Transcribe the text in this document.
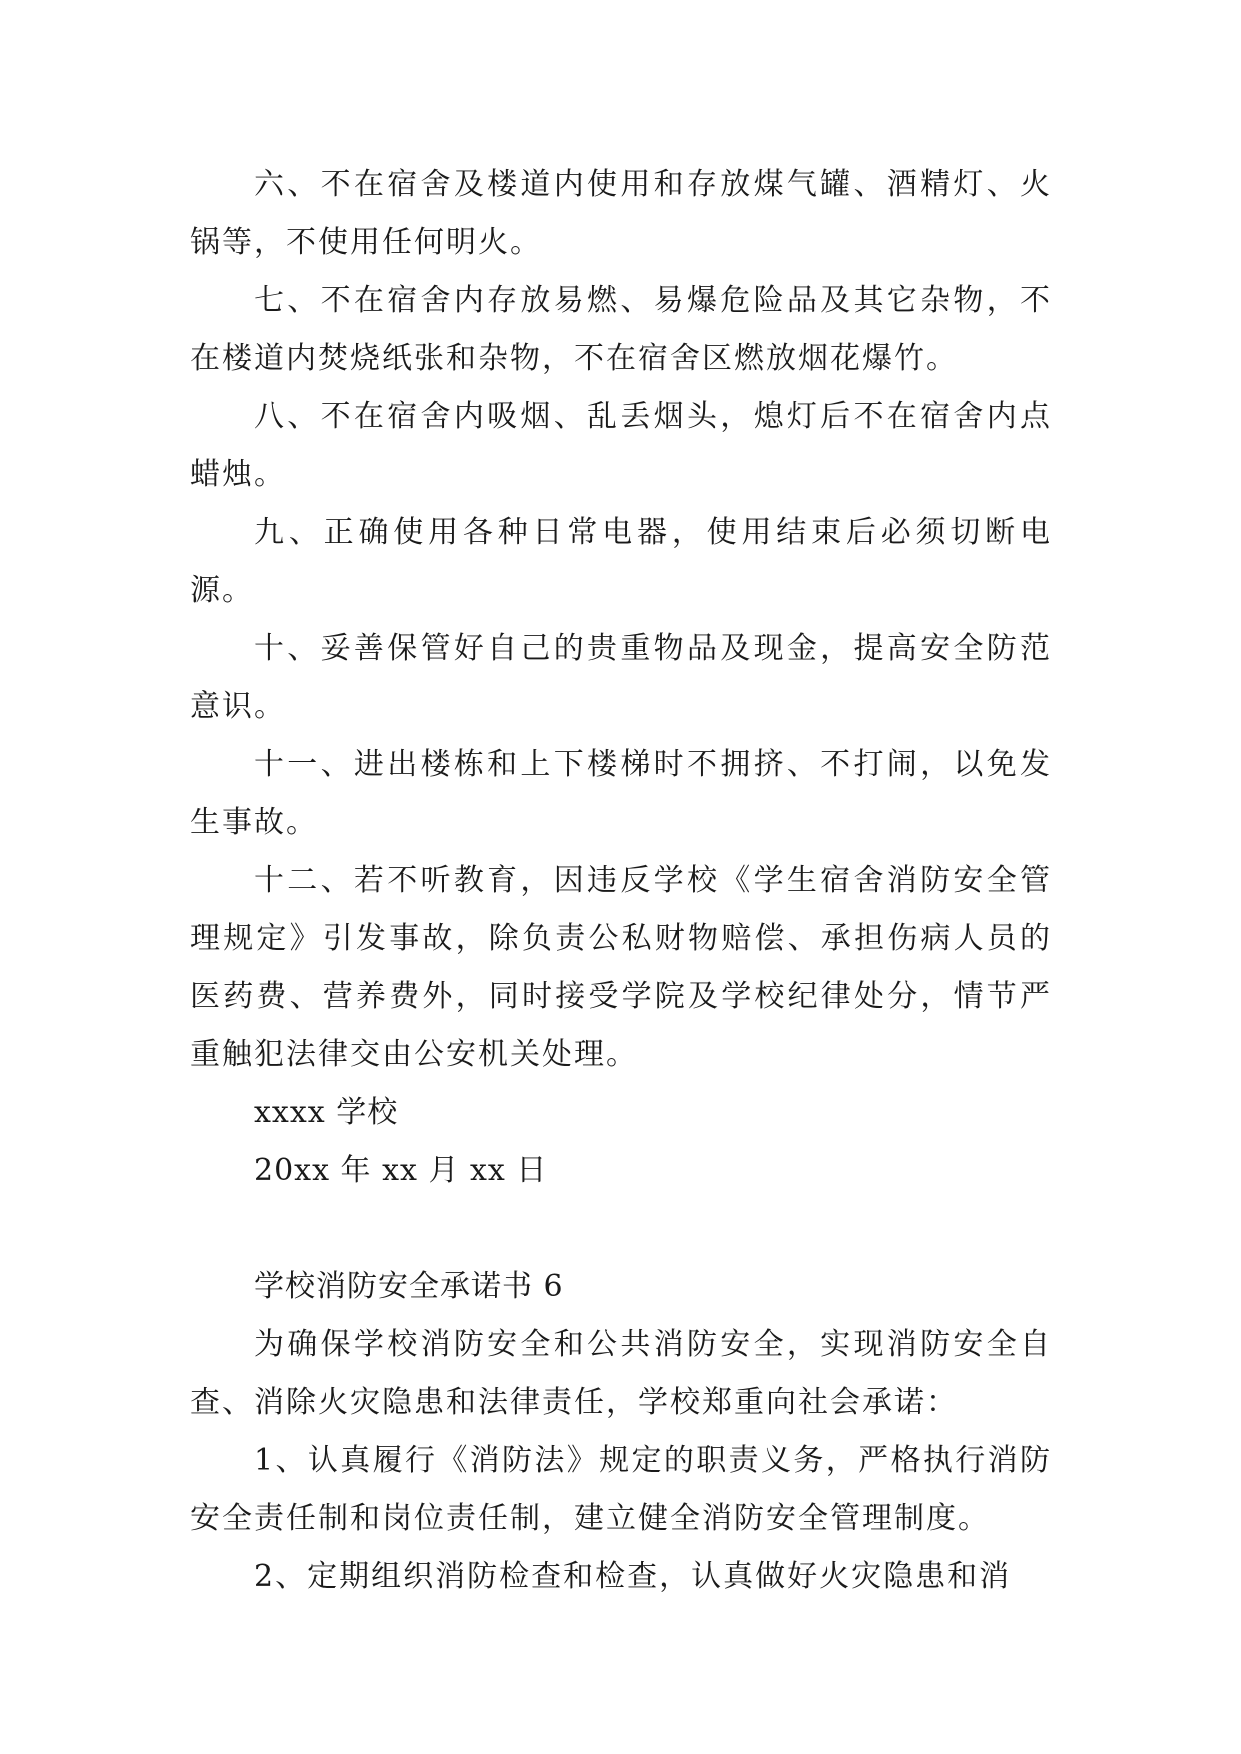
六、不在宿舍及楼道内使用和存放煤气罐、酒精灯、火锅等，不使用任何明火。

七、不在宿舍内存放易燃、易爆危险品及其它杂物，不在楼道内焚烧纸张和杂物，不在宿舍区燃放烟花爆竹。

八、不在宿舍内吸烟、乱丢烟头，熄灯后不在宿舍内点蜡烛。

九、正确使用各种日常电器，使用结束后必须切断电源。

十、妥善保管好自己的贵重物品及现金，提高安全防范意识。

十一、进出楼栋和上下楼梯时不拥挤、不打闹，以免发生事故。

十二、若不听教育，因违反学校《学生宿舍消防安全管理规定》引发事故，除负责公私财物赔偿、承担伤病人员的医药费、营养费外，同时接受学院及学校纪律处分，情节严重触犯法律交由公安机关处理。

xxxx 学校

20xx 年 xx 月 xx 日

学校消防安全承诺书 6

为确保学校消防安全和公共消防安全，实现消防安全自查、消除火灾隐患和法律责任，学校郑重向社会承诺：

1、认真履行《消防法》规定的职责义务，严格执行消防安全责任制和岗位责任制，建立健全消防安全管理制度。

2、定期组织消防检查和检查，认真做好火灾隐患和消
